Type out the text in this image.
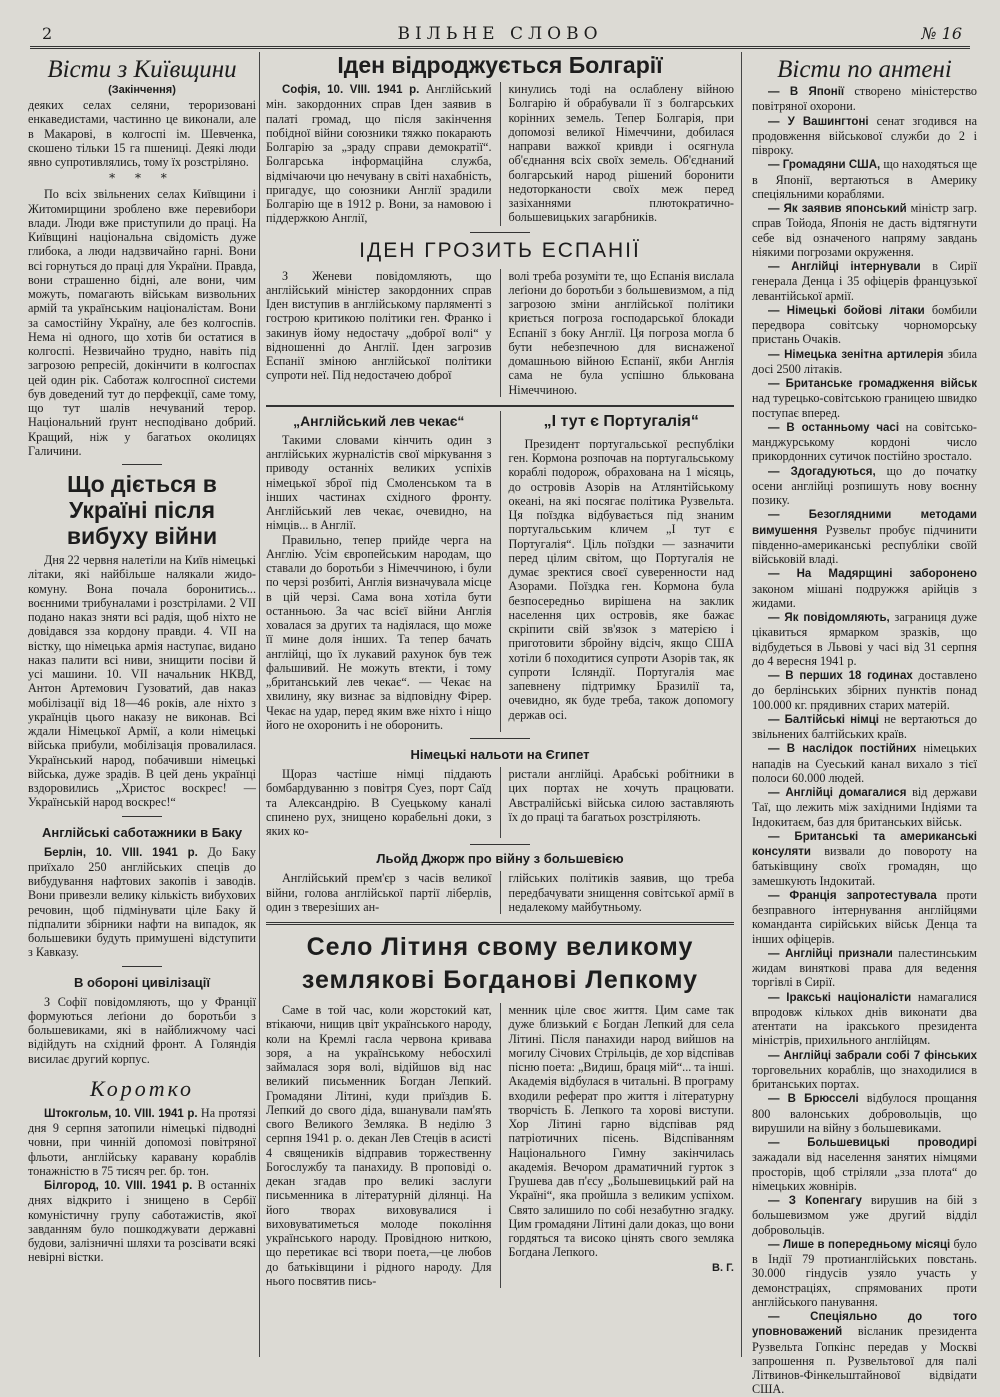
2	ВІЛЬНЕ СЛОВО	№ 16
Вісти з Київщини
(Закінчення)

деяких селах селяни, тероризовані енкаведистами, частинно це виконали, але в Макарові, в колгоспі ім. Шевченка, скошено тільки 15 га пшениці. Деякі люди явно супротивлялись, тому їх розстріляно.

* * *

По всіх звільнених селах Київщини і Житомирщини зроблено вже перевибори влади. Люди вже приступили до праці. На Київщині національна свідомість дуже глибока, а люди надзвичайно гарні. Вони всі горнуться до праці для України. Правда, вони страшенно бідні, але вони, чим можуть, помагають військам визвольних армій та українським націоналістам. Вони за самостійну Україну, але без колгоспів. Нема ні одного, що хотів би остатися в колгоспі. Незвичайно трудно, навіть під загрозою репресій, докінчити в колгоспах цей один рік. Саботаж колгоспної системи був доведений тут до перфекції, саме тому, що тут шалів нечуваний терор. Національний ґрунт несподівано добрий. Кращий, ніж у багатьох околицях Галичини.

Що діється в Україні після вибуху війни

Дня 22 червня налетіли на Київ німецькі літаки, які найбільше налякали жидо-комуну. Вона почала боронитись... воєнними трибуналами і розстрілами. 2 VII подано наказ зняти всі радія, щоб ніхто не довідався зза кордону правди. 4. VII на вістку, що німецька армія наступає, видано наказ палити всі ниви, знищити посіви й усі машини. 10. VII начальник НКВД, Антон Артемович Гузоватий, дав наказ мобілізації від 18—46 років, але ніхто з українців цього наказу не виконав. Всі ждали Німецької Армії, а коли німецькі війська прибули, мобілізація провалилася. Український народ, побачивши німецькі війська, дуже зрадів. В цей день українці вздоровились „Христос воскрес! — Українській народ воскрес!“

Англійські саботажники в Баку

Берлін, 10. VIII. 1941 р. До Баку приїхало 250 англійських спеців до вибудування нафтових закопів і заводів. Вони привезли велику кількість вибухових речовин, щоб підмінувати ціле Баку й підпалити збірники нафти на випадок, як большевики будуть примушені відступити з Кавказу.

В обороні цивілізації

З Софії повідомляють, що у Франції формуються леґіони до боротьби з большевиками, які в найближчому часі відійдуть на східний фронт. А Голяндія висилає другий корпус.

Коротко

Штокгольм, 10. VIII. 1941 р. На протязі дня 9 серпня затопили німецькі підводні човни, при чинній допомозі повітряної фльоти, англійську каравану кораблів тонажністю в 75 тисяч рег. бр. тон.

Білгород, 10. VIII. 1941 р. В останніх днях відкрито і знищено в Сербії комуністичну групу саботажистів, якої завданням було пошкоджувати державні будови, залізничні шляхи та розсівати всякі невірні вістки.

Іден відроджується Болгарії

Софія, 10. VIII. 1941 р. Англійський мін. закордонних справ Іден заявив в палаті громад, що після закінчення побідної війни союзники тяжко покарають Болгарію за „зраду справи демократії“. Болгарська інформаційна служба, відмічаючи цю нечувану в світі нахабність, пригадує, що союзники Англії зрадили Болгарію ще в 1912 р. Вони, за намовою і піддержкою Англії,

кинулись тоді на ослаблену війною Болгарію й обрабували її з болгарських корінних земель. Тепер Болгарія, при допомозі великої Німеччини, добилася направи важкої кривди і осягнула об'єднання всіх своїх земель. Об'єднаний болгарський народ рішений боронити недоторканости своїх меж перед зазіханнями плютократично-большевицьких загарбників.

ІДЕН ГРОЗИТЬ ЕСПАНІЇ

З Женеви повідомляють, що англійський міністер закордонних справ Іден виступив в англійському парляменті з гострою критикою політики ген. Франко і закинув йому недостачу „доброї волі“ у відношенні до Англії. Іден загрозив Еспанії зміною англійської політики супроти неї. Під недостачею доброї

волі треба розуміти те, що Еспанія вислала леґіони до боротьби з большевизмом, а під загрозою зміни англійської політики криється погроза господарської блокади Еспанії з боку Англії. Ця погроза могла б бути небезпечною для виснаженої домашньою війною Еспанії, якби Англія сама не була успішно блькована Німеччиною.

„Англійський лев чекає“

Такими словами кінчить один з англійських журналістів свої міркування з приводу останніх великих успіхів німецької зброї під Смоленськом та в інших частинах східного фронту. Англійський лев чекає, очевидно, на німців... в Англії.

Правильно, тепер прийде черга на Англію. Усім європейським народам, що ставали до боротьби з Німеччиною, і були по черзі розбиті, Англія визначувала місце в цій черзі. Сама вона хотіла бути останньою. За час всієї війни Англія ховалася за других та надіялася, що може її мине доля інших. Та тепер бачать англійці, що їх лукавий рахунок був теж фальшивий. Не можуть втекти, і тому „британський лев чекає“. — Чекає на хвилину, яку визнає за відповідну Фірер. Чекає на удар, перед яким вже ніхто і ніщо його не охоронить і не оборонить.

„І тут є Португалія“

Президент португальської республіки ген. Кормона розпочав на португальському кораблі подорож, обрахована на 1 місяць, до островів Азорів на Атлянтійському океані, на які посягає політика Рузвельта. Ця поїздка відбувається під знаним португальським кличем „І тут є Португалія“. Ціль поїздки — зазначити перед цілим світом, що Португалія не думає зректися своєї суверенности над Азорами. Поїздка ген. Кормона була безпосередньо вирішена на заклик населення цих островів, яке бажає скріпити свій зв'язок з матерією і приготовити збройну відсіч, якщо США хотіли б походитися супроти Азорів так, як супроти Ісляндії. Португалія має запевнену підтримку Бразилії та, очевидно, як буде треба, також допомогу держав осі.

Німецькі нальоти на Єгипет

Щораз частіше німці піддають бомбардуванню з повітря Суез, порт Саїд та Александрію. В Суецькому каналі спинено рух, знищено корабельні доки, з яких ко-

ристали англійці. Арабські робітники в цих портах не хочуть працювати. Австралійські війська силою заставляють їх до праці та багатьох розстріляють.

Льойд Джорж про війну з большевією

Англійський прем'єр з часів великої війни, голова англійської партії ліберлів, один з тверезіших ан-

глійських політиків заявив, що треба передбачувати знищення совітської армії в недалекому майбутньому.

Село Літиня свому великому землякові Богданові Лепкому

Саме в той час, коли жорстокий кат, втікаючи, нищив цвіт українського народу, коли на Кремлі гасла червона кривава зоря, а на українському небосхилі займалася зоря волі, відійшов від нас великий письменник Богдан Лепкий. Громадяни Літині, куди приїздив Б. Лепкий до свого діда, вшанували пам'ять свого Великого Земляка. В неділю 3 серпня 1941 р. о. декан Лев Стеців в асисті 4 священиків відправив торжественну Богослужбу та панахиду. В проповіді о. декан згадав про великі заслуги письменника в літературній ділянці. На його творах виховувалися і виховуватиметься молоде покоління українського народу. Провідною ниткою, що перетикає всі твори поета,—це любов до батьківщини і рідного народу. Для нього посвятив пись-

менник ціле своє життя. Цим саме так дуже близький є Богдан Лепкий для села Літині. Після панахиди народ вийшов на могилу Січових Стрільців, де хор відспівав пісню поета: „Видиш, браця мій“... та інші. Академія відбулася в читальні. В програму входили реферат про життя і літературну творчість Б. Лепкого та хорові виступи. Хор Літині гарно відспівав ряд патріотичних пісень. Відспіванням Національного Гимну закінчилась академія. Вечором драматичний гурток з Грушева дав п'єсу „Большевицький рай на Україні“, яка пройшла з великим успіхом. Свято залишило по собі незабутню згадку. Цим громадяни Літині дали доказ, що вони гордяться та високо цінять свого земляка Богдана Лепкого.

В. Г.
Вісти по антені

— В Японії створено міністерство повітряної охорони.

— У Вашингтоні сенат згодився на продовження військової служби до 2 і півроку.

— Громадяни США, що находяться ще в Японії, вертаються в Америку спеціяльними кораблями.

— Як заявив японський міністр загр. справ Тойода, Японія не дасть відтягнути себе від означеного напряму завдань ніякими погрозами окруження.

— Англійці інтернували в Сирії генерала Денца і 35 офіцерів французької левантійської армії.

— Німецькі бойові літаки бомбили передвора совітську чорноморську пристань Очаків.

— Німецька зенітна артилерія збила досі 2500 літаків.

— Британське громадження військ над турецько-совітською границею швидко поступає вперед.

— В останньому часі на совітсько-манджурському кордоні число прикордонних сутичок постійно зростало.

— Здогадуються, що до початку осени англійці розпишуть нову воєнну позику.

— Безоглядними методами вимушення Рузвельт пробує підчинити південно-американські республіки своїй військовій владі.

— На Мадярщині заборонено законом мішані подружжя арійців з жидами.

— Як повідомляють, заграниця дуже цікавиться ярмарком зразків, що відбудеться в Львові у часі від 31 серпня до 4 вересня 1941 р.

— В перших 18 годинах доставлено до берлінських збірних пунктів понад 100.000 кг. прядивних старих матерій.

— Балтійські німці не вертаються до звільнених балтійських країв.

— В наслідок постійних німецьких нападів на Суеський канал вихало з тієї полоси 60.000 людей.

— Англійці домагалися від держави Таї, що лежить між західними Індіями та Індокитаєм, баз для британських військ.

— Британські та американські консуляти визвали до повороту на батьківщину своїх громадян, що замешкують Індокитай.

— Франція запротестувала проти безправного інтернування англійцями команданта сирійських військ Денца та інших офіцерів.

— Англійці признали палестинським жидам виняткові права для ведення торгівлі в Сирії.

— Іракські націоналісти намагалися впродовж кількох днів виконати два атентати на іракського президента міністрів, прихильного англійцям.

— Англійці забрали собі 7 фінських торговельних кораблів, що знаходилися в британських портах.

— В Брюсселі відбулося прощання 800 валонських добровольців, що вирушили на війну з большевиками.

— Большевицькі проводирі зажадали від населення занятих німцями просторів, щоб стріляли „зза плота“ до німецьких жовнірів.

— З Копенгагу вирушив на бій з большевизмом уже другий відділ добровольців.

— Лише в попередньому місяці було в Індії 79 протианглійських повстань. 30.000 гіндусів узяло участь у демонстраціях, спрямованих проти англійського панування.

— Спеціяльно до того уповноважений вісланик президента Рузвельта Гопкінс передав у Москві запрошення п. Рузвельтової для палі Літвинов-Фінкельштайнової відвідати США.
